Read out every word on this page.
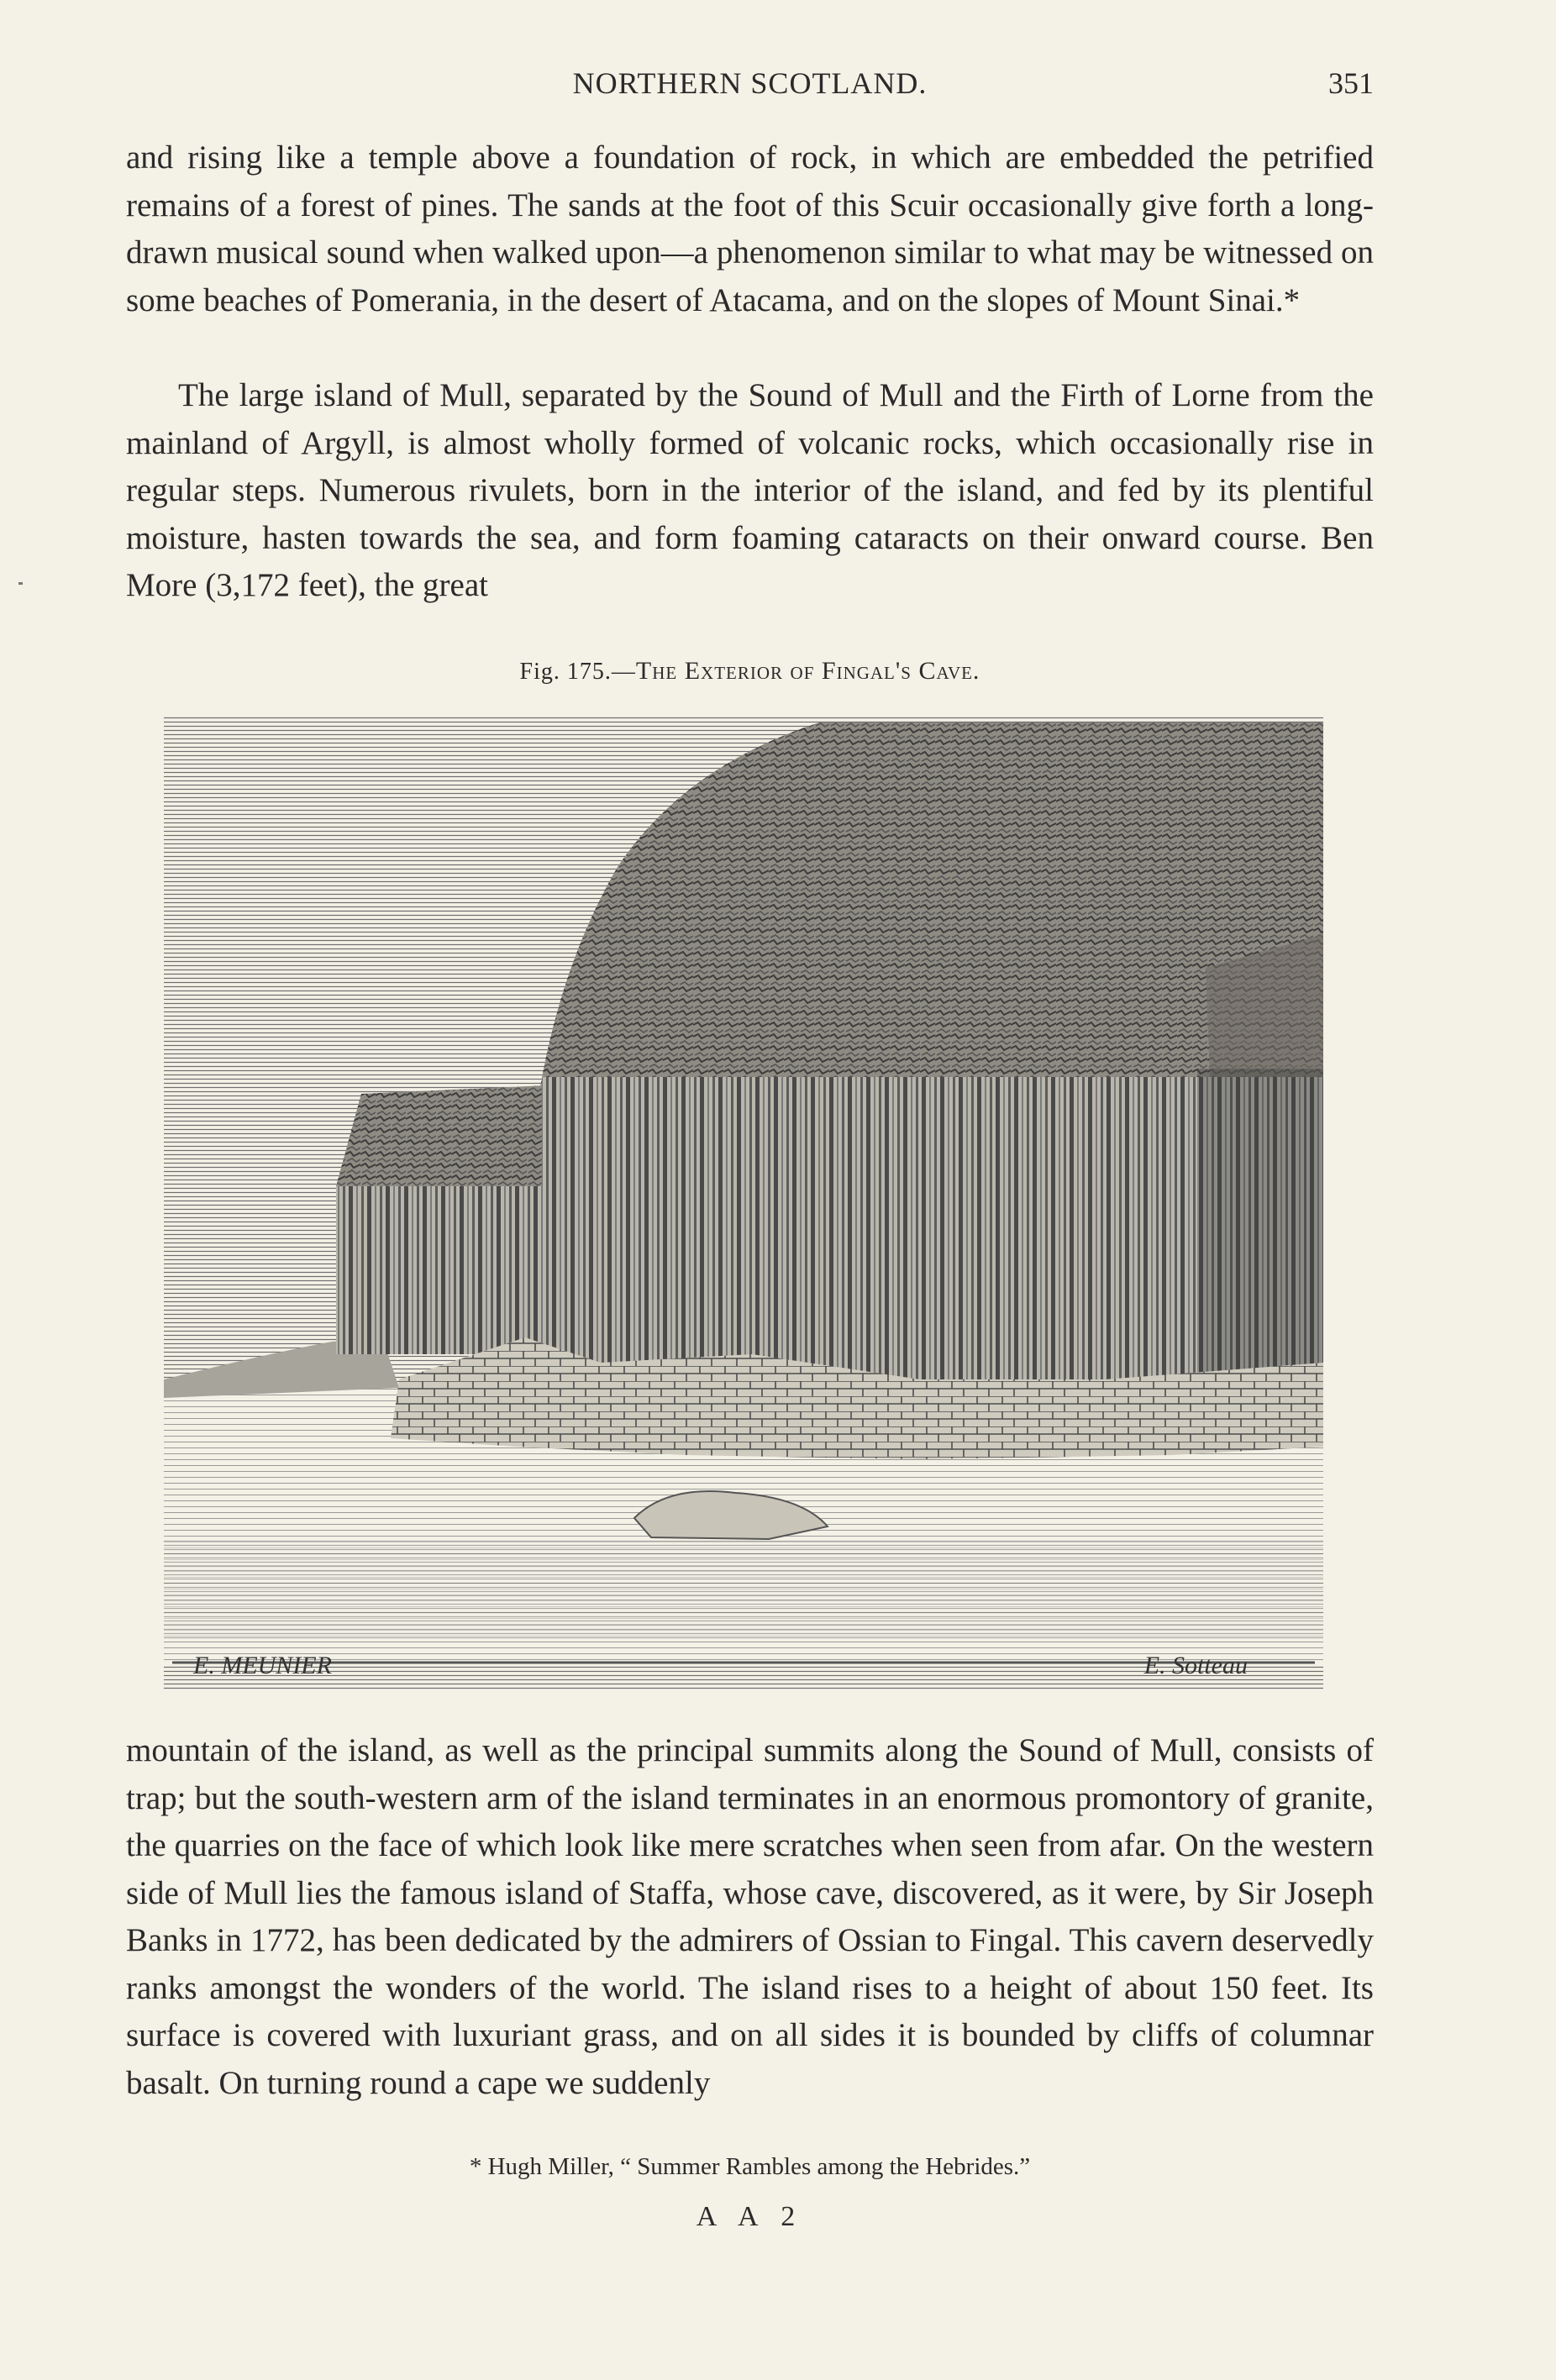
NORTHERN SCOTLAND.	351

and rising like a temple above a foundation of rock, in which are embedded the petrified remains of a forest of pines. The sands at the foot of this Scuir occasionally give forth a long-drawn musical sound when walked upon—a phenomenon similar to what may be witnessed on some beaches of Pomerania, in the desert of Atacama, and on the slopes of Mount Sinai.*

The large island of Mull, separated by the Sound of Mull and the Firth of Lorne from the mainland of Argyll, is almost wholly formed of volcanic rocks, which occasionally rise in regular steps. Numerous rivulets, born in the interior of the island, and fed by its plentiful moisture, hasten towards the sea, and form foaming cataracts on their onward course. Ben More (3,172 feet), the great

Fig. 175.—The Exterior of Fingal's Cave.
E. MEUNIER	E. Sotteau

mountain of the island, as well as the principal summits along the Sound of Mull, consists of trap; but the south-western arm of the island terminates in an enormous promontory of granite, the quarries on the face of which look like mere scratches when seen from afar. On the western side of Mull lies the famous island of Staffa, whose cave, discovered, as it were, by Sir Joseph Banks in 1772, has been dedicated by the admirers of Ossian to Fingal. This cavern deservedly ranks amongst the wonders of the world. The island rises to a height of about 150 feet. Its surface is covered with luxuriant grass, and on all sides it is bounded by cliffs of columnar basalt. On turning round a cape we suddenly

* Hugh Miller, “ Summer Rambles among the Hebrides.”
A A 2
